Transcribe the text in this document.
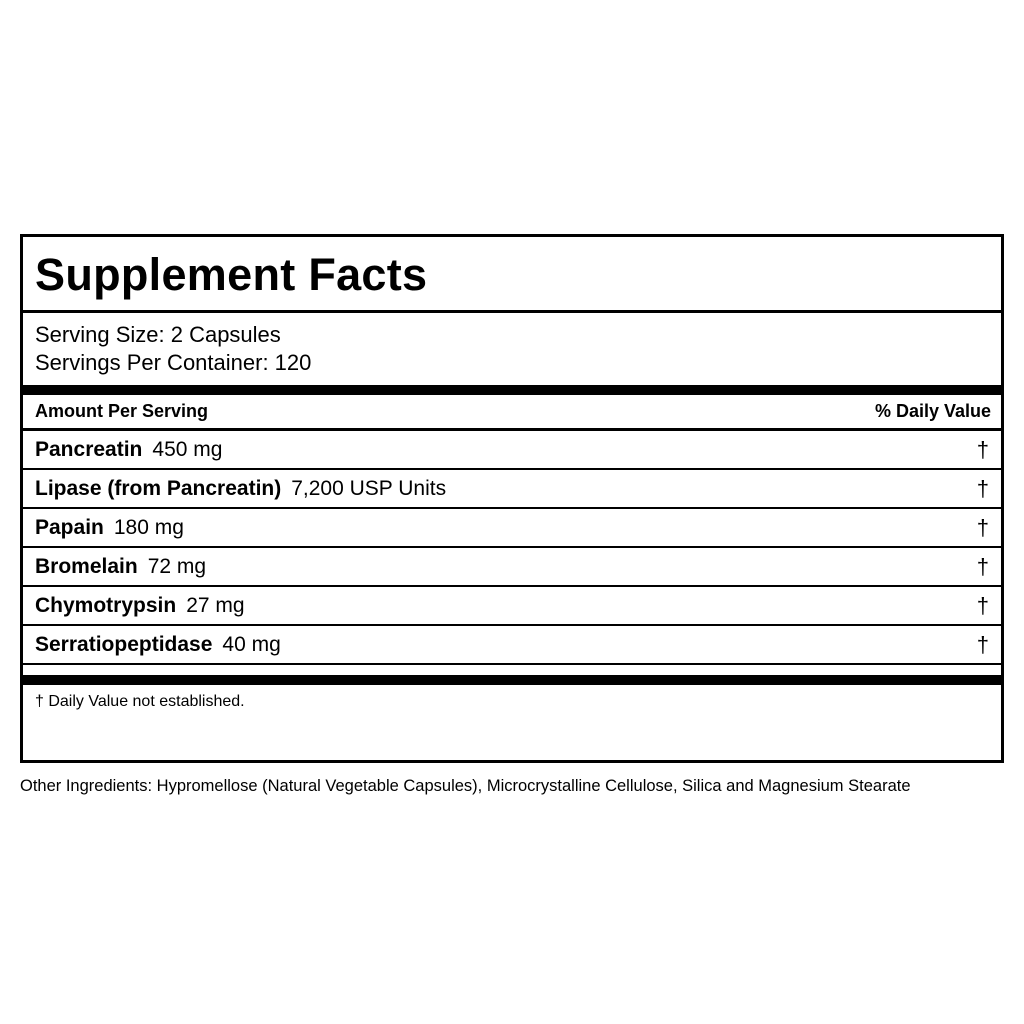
Supplement Facts
Serving Size: 2 Capsules
Servings Per Container: 120
Amount Per Serving	% Daily Value
Pancreatin 450 mg	†
Lipase (from Pancreatin) 7,200 USP Units	†
Papain 180 mg	†
Bromelain 72 mg	†
Chymotrypsin 27 mg	†
Serratiopeptidase 40 mg	†
† Daily Value not established.
Other Ingredients: Hypromellose (Natural Vegetable Capsules), Microcrystalline Cellulose, Silica and Magnesium Stearate
